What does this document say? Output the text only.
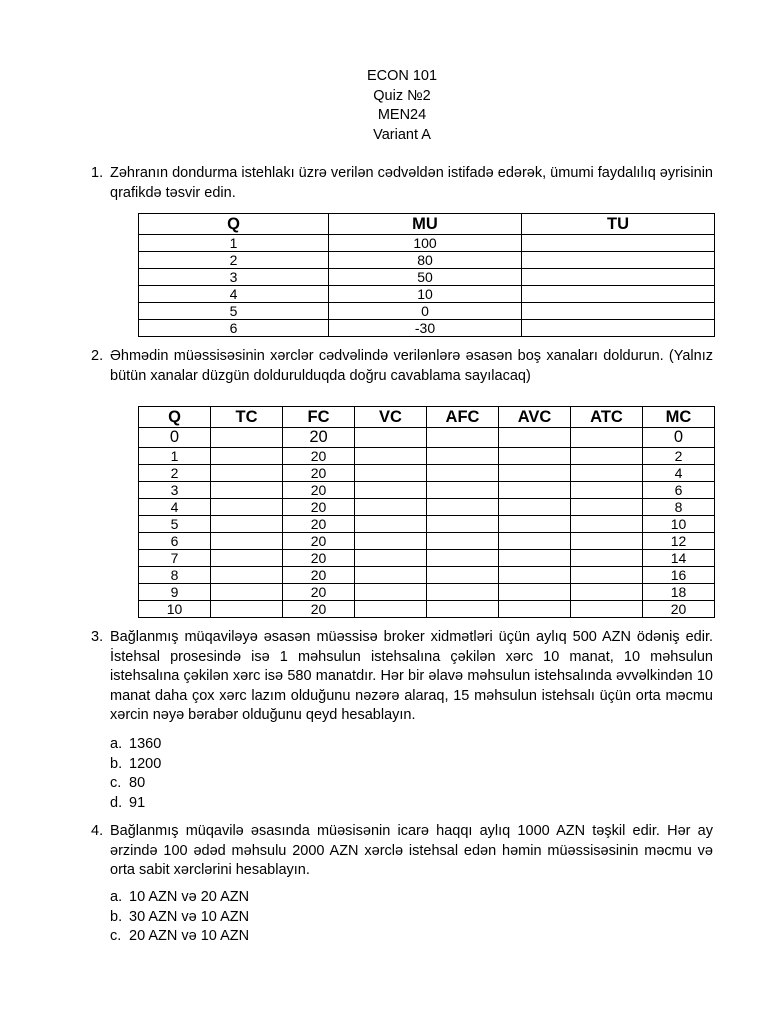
ECON 101
Quiz №2
MEN24
Variant A
1. Zəhranın dondurma istehlakı üzrə verilən cədvəldən istifadə edərək, ümumi faydalılıq əyrisinin qrafikdə təsvir edin.
Q	MU	TU
1	100	
2	80	
3	50	
4	10	
5	0	
6	-30	
2. Əhmədin müəssisəsinin xərclər cədvəlində verilənlərə əsasən boş xanaları doldurun. (Yalnız bütün xanalar düzgün doldurulduqda doğru cavablama sayılacaq)
Q	TC	FC	VC	AFC	AVC	ATC	MC
0		20					0
1		20					2
2		20					4
3		20					6
4		20					8
5		20					10
6		20					12
7		20					14
8		20					16
9		20					18
10		20					20
3. Bağlanmış müqaviləyə əsasən müəssisə broker xidmətləri üçün aylıq 500 AZN ödəniş edir. İstehsal prosesində isə 1 məhsulun istehsalına çəkilən xərc 10 manat, 10 məhsulun istehsalına çəkilən xərc isə 580 manatdır. Hər bir əlavə məhsulun istehsalında əvvəlkindən 10 manat daha çox xərc lazım olduğunu nəzərə alaraq, 15 məhsulun istehsalı üçün orta məcmu xərcin nəyə bərabər olduğunu qeyd hesablayın.
a. 1360
b. 1200
c. 80
d. 91
4. Bağlanmış müqavilə əsasında müəsisənin icarə haqqı aylıq 1000 AZN təşkil edir. Hər ay ərzində 100 ədəd məhsulu 2000 AZN xərclə istehsal edən həmin müəssisəsinin məcmu və orta sabit xərclərini hesablayın.
a. 10 AZN və 20 AZN
b. 30 AZN və 10 AZN
c. 20 AZN və 10 AZN
